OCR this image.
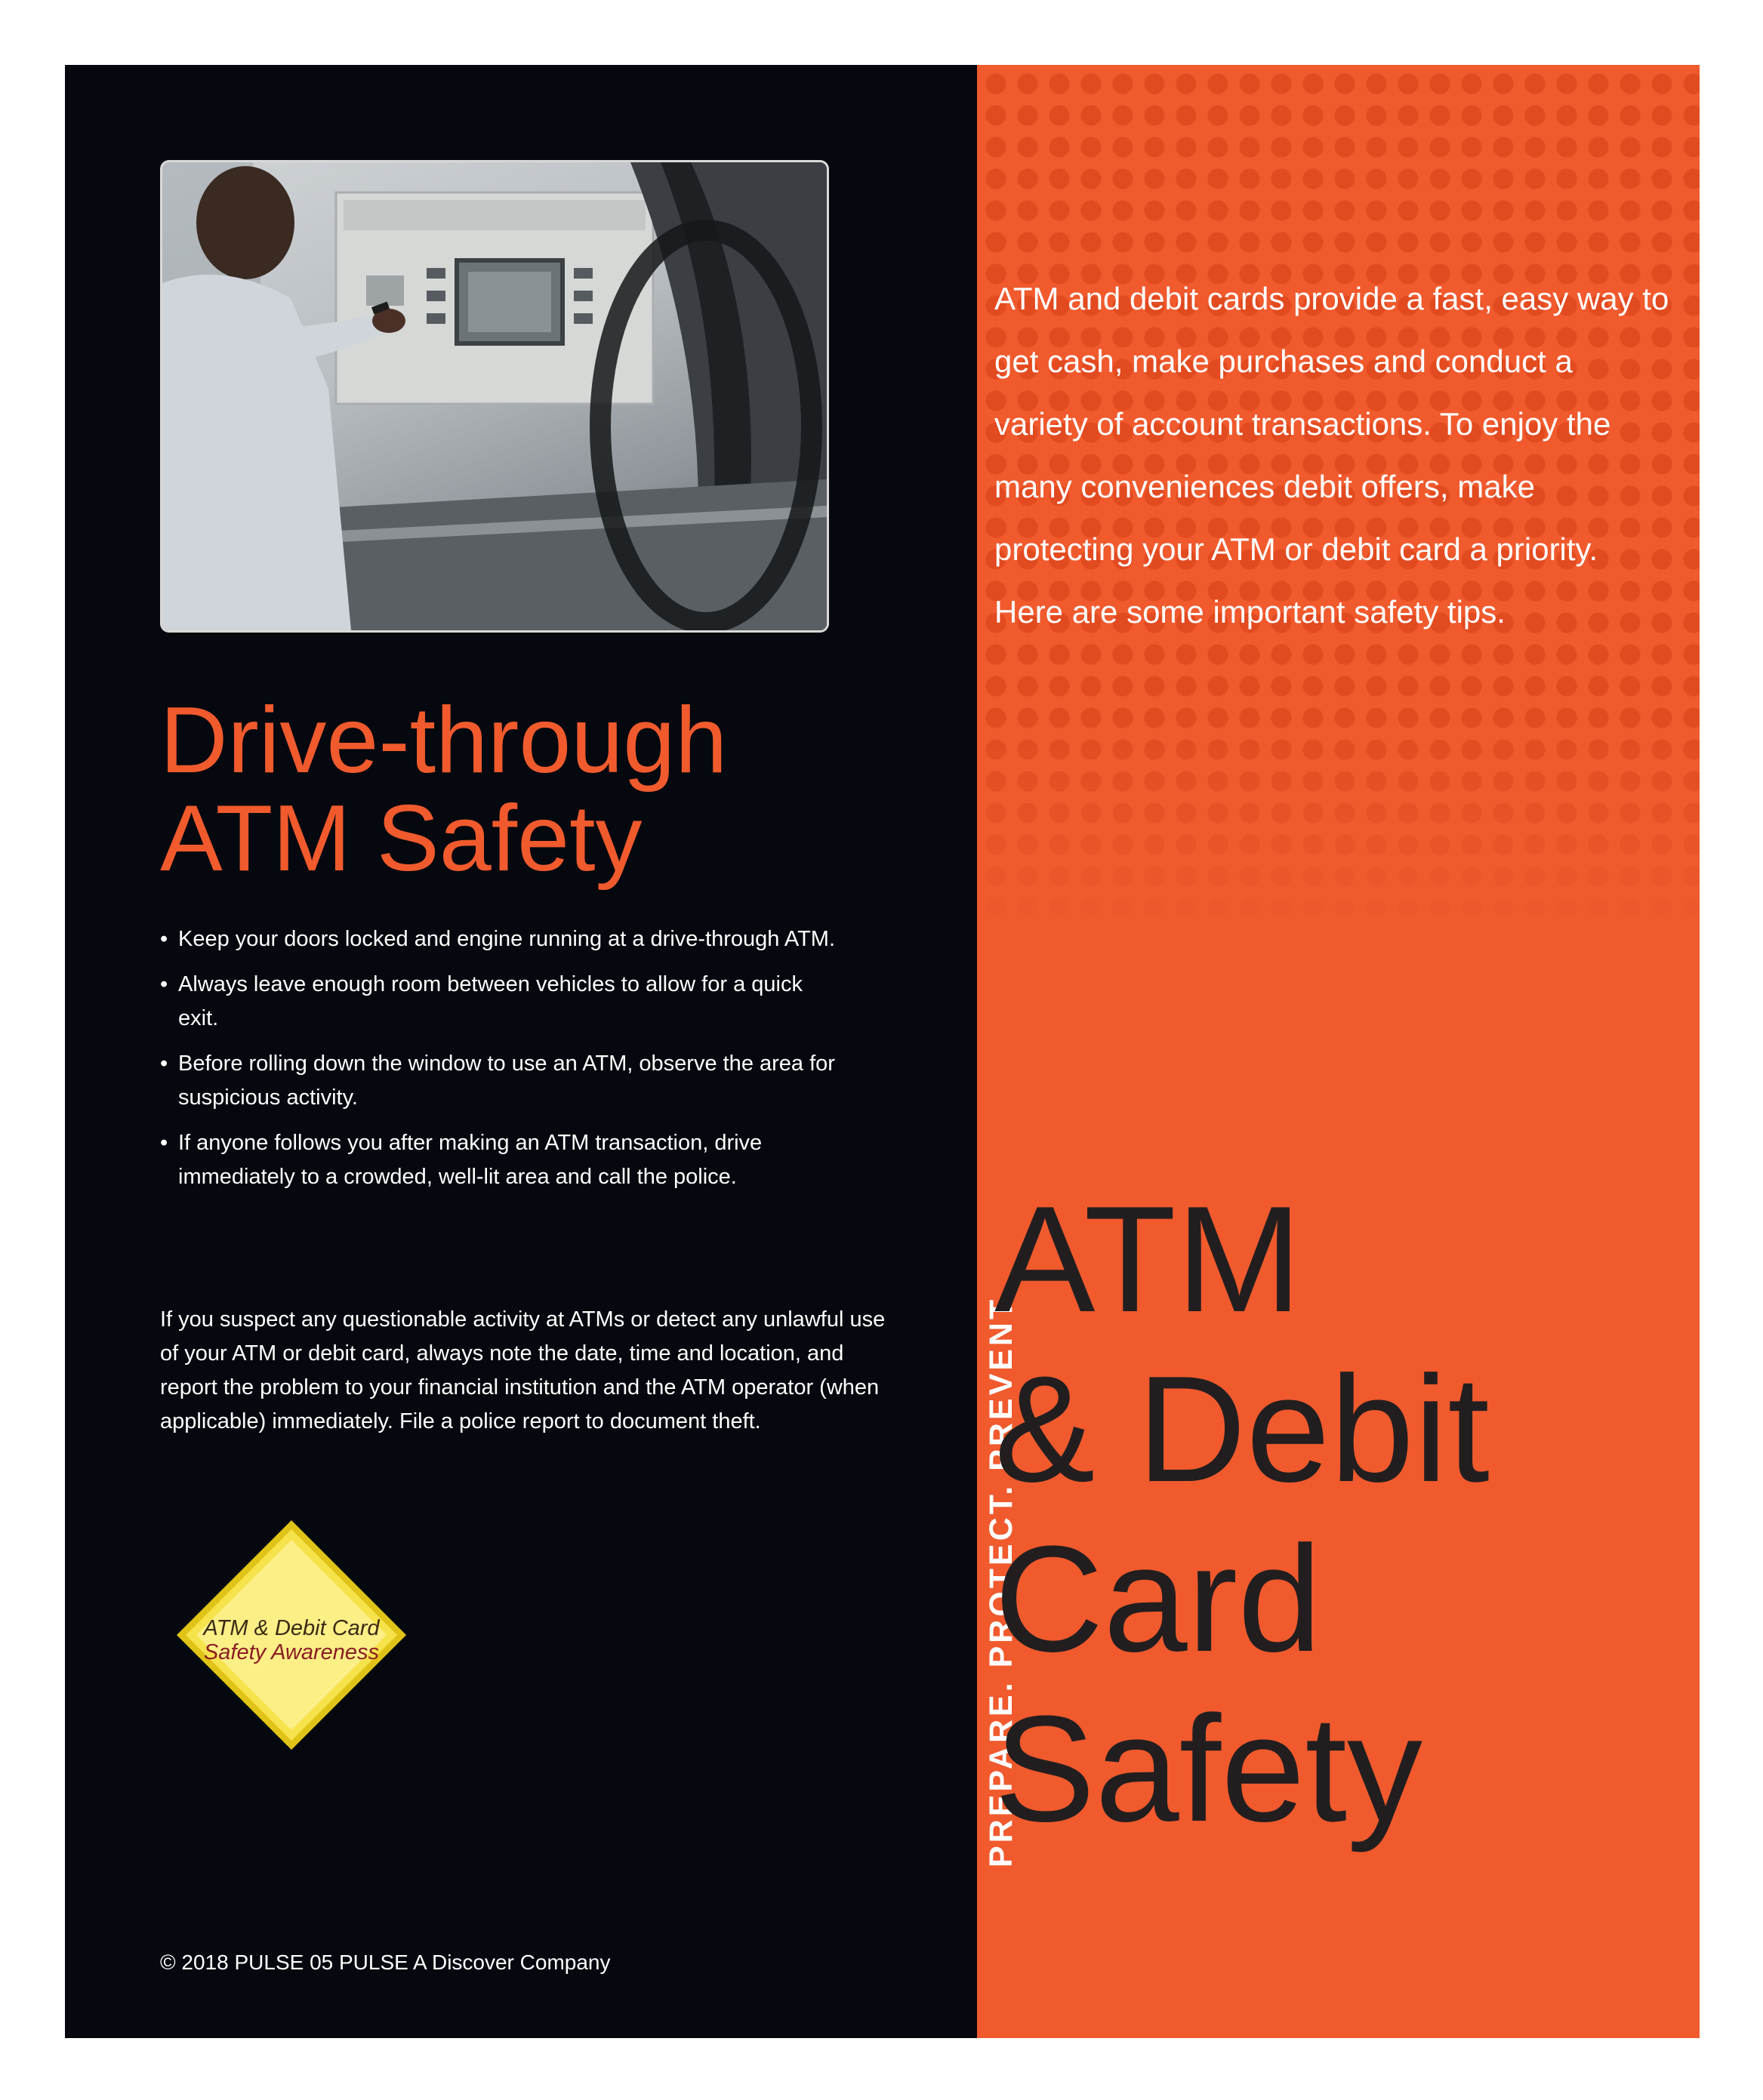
Drive-through
ATM Safety
• Keep your doors locked and engine running at a drive-through ATM.
• Always leave enough room between vehicles to allow for a quick exit.
• Before rolling down the window to use an ATM, observe the area for suspicious activity.
• If anyone follows you after making an ATM transaction, drive immediately to a crowded, well-lit area and call the police.

If you suspect any questionable activity at ATMs or detect any unlawful use of your ATM or debit card, always note the date, time and location, and report the problem to your financial institution and the ATM operator (when applicable) immediately. File a police report to document theft.

ATM & Debit Card
Safety Awareness

© 2018 PULSE 05 PULSE A Discover Company

ATM and debit cards provide a fast, easy way to get cash, make purchases and conduct a variety of account transactions. To enjoy the many conveniences debit offers, make protecting your ATM or debit card a priority. Here are some important safety tips.

PREPARE. PROTECT. PREVENT.
ATM
& Debit
Card
Safety
